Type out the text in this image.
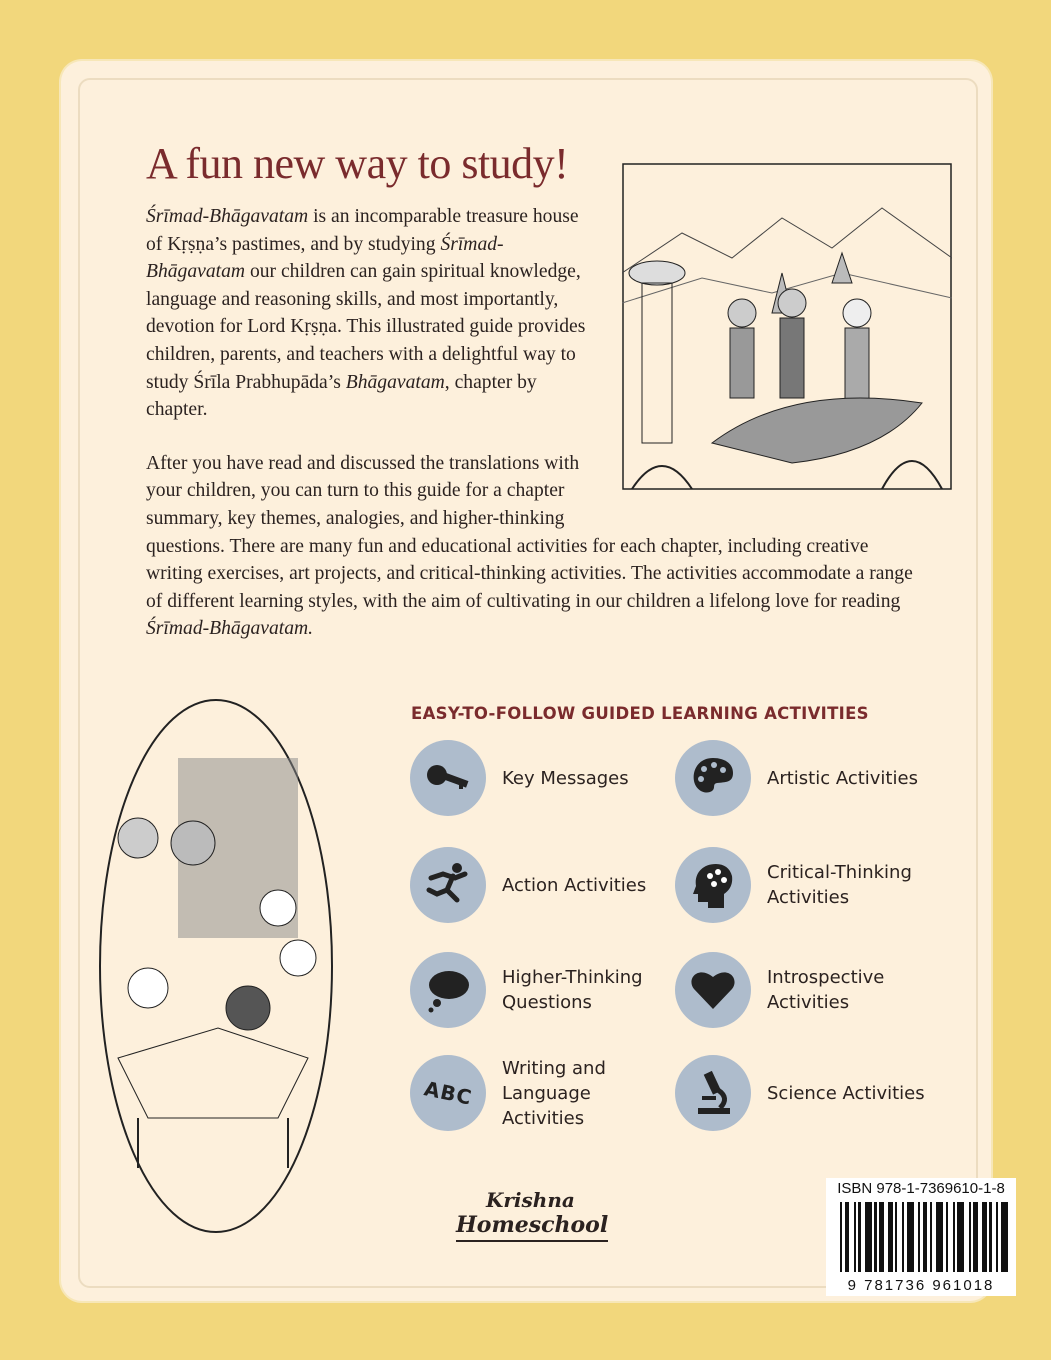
A fun new way to study!

Śrīmad-Bhāgavatam is an incomparable treasure house of Kṛṣṇa’s pastimes, and by studying Śrīmad-Bhāgavatam our children can gain spiritual knowledge, language and reasoning skills, and most importantly, devotion for Lord Kṛṣṇa. This illustrated guide provides children, parents, and teachers with a delightful way to study Śrīla Prabhupāda’s Bhāgavatam, chapter by chapter.

After you have read and discussed the translations with your children, you can turn to this guide for a chapter summary, key themes, analogies, and higher-thinking questions. There are many fun and educational activities for each chapter, including creative writing exercises, art projects, and critical-thinking activities. The activities accommodate a range of different learning styles, with the aim of cultivating in our children a lifelong love for reading Śrīmad-Bhāgavatam.

EASY-TO-FOLLOW GUIDED LEARNING ACTIVITIES
Key Messages	Artistic Activities
Action Activities
Critical-Thinking Activities
Higher-Thinking Questions
Introspective Activities
ABC
Writing and Language Activities
Science Activities
Krishna
Homeschool
ISBN 978-1-7369610-1-8
9 781736 961018
